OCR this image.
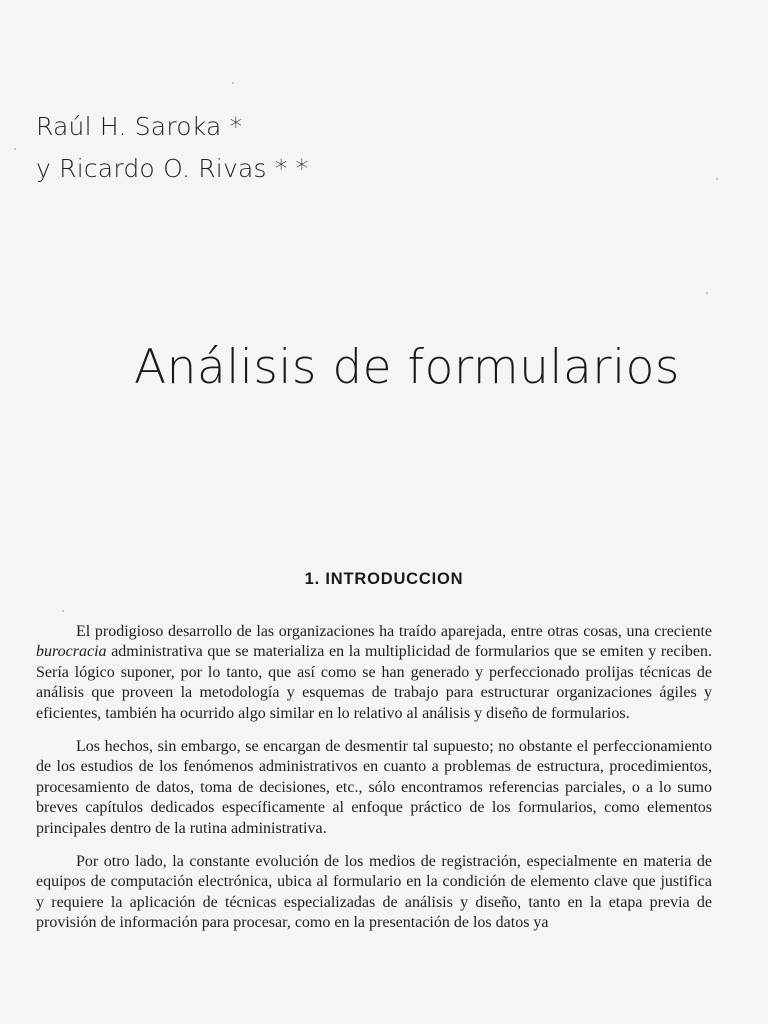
Raúl H. Saroka *
y Ricardo O. Rivas * *
Análisis de formularios
1. INTRODUCCION

El prodigioso desarrollo de las organizaciones ha traído aparejada, entre otras cosas, una creciente burocracia administrativa que se materializa en la multiplicidad de formularios que se emiten y reciben. Sería lógico suponer, por lo tanto, que así como se han generado y perfeccionado prolijas técnicas de análisis que proveen la metodología y esquemas de trabajo para estructurar organizaciones ágiles y eficientes, también ha ocurrido algo similar en lo relativo al análisis y diseño de formularios.

Los hechos, sin embargo, se encargan de desmentir tal supuesto; no obstante el perfeccionamiento de los estudios de los fenómenos administrativos en cuanto a problemas de estructura, procedimientos, procesamiento de datos, toma de decisiones, etc., sólo encontramos referencias parciales, o a lo sumo breves capítulos dedicados específicamente al enfoque práctico de los formularios, como elementos principales dentro de la rutina administrativa.

Por otro lado, la constante evolución de los medios de registración, especialmente en materia de equipos de computación electrónica, ubica al formulario en la condición de elemento clave que justifica y requiere la aplicación de técnicas especializadas de análisis y diseño, tanto en la etapa previa de provisión de información para procesar, como en la presentación de los datos ya
